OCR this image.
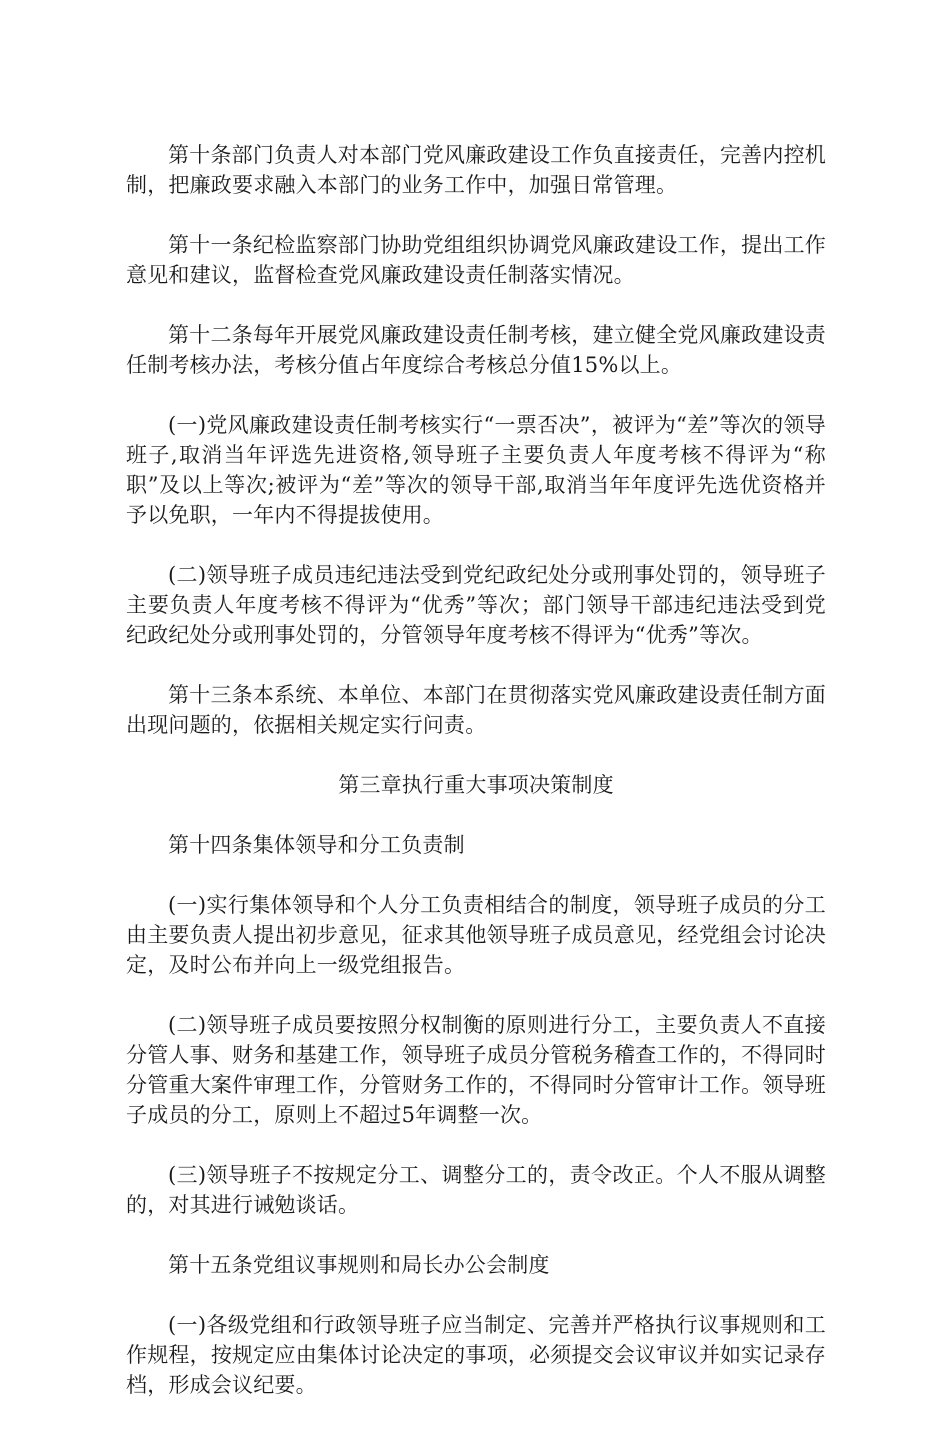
第十条部门负责人对本部门党风廉政建设工作负直接责任，完善内控机制，把廉政要求融入本部门的业务工作中，加强日常管理。

第十一条纪检监察部门协助党组组织协调党风廉政建设工作，提出工作意见和建议，监督检查党风廉政建设责任制落实情况。

第十二条每年开展党风廉政建设责任制考核，建立健全党风廉政建设责任制考核办法，考核分值占年度综合考核总分值15%以上。

(一)党风廉政建设责任制考核实行“一票否决”，被评为“差”等次的领导班子,取消当年评选先进资格,领导班子主要负责人年度考核不得评为“称职”及以上等次;被评为“差”等次的领导干部,取消当年年度评先选优资格并予以免职，一年内不得提拔使用。

(二)领导班子成员违纪违法受到党纪政纪处分或刑事处罚的，领导班子主要负责人年度考核不得评为“优秀”等次；部门领导干部违纪违法受到党纪政纪处分或刑事处罚的，分管领导年度考核不得评为“优秀”等次。

第十三条本系统、本单位、本部门在贯彻落实党风廉政建设责任制方面出现问题的，依据相关规定实行问责。

第三章执行重大事项决策制度

第十四条集体领导和分工负责制

(一)实行集体领导和个人分工负责相结合的制度，领导班子成员的分工由主要负责人提出初步意见，征求其他领导班子成员意见，经党组会讨论决定，及时公布并向上一级党组报告。

(二)领导班子成员要按照分权制衡的原则进行分工，主要负责人不直接分管人事、财务和基建工作，领导班子成员分管税务稽查工作的，不得同时分管重大案件审理工作，分管财务工作的，不得同时分管审计工作。领导班子成员的分工，原则上不超过5年调整一次。

(三)领导班子不按规定分工、调整分工的，责令改正。个人不服从调整的，对其进行诫勉谈话。

第十五条党组议事规则和局长办公会制度

(一)各级党组和行政领导班子应当制定、完善并严格执行议事规则和工作规程，按规定应由集体讨论决定的事项，必须提交会议审议并如实记录存档，形成会议纪要。
